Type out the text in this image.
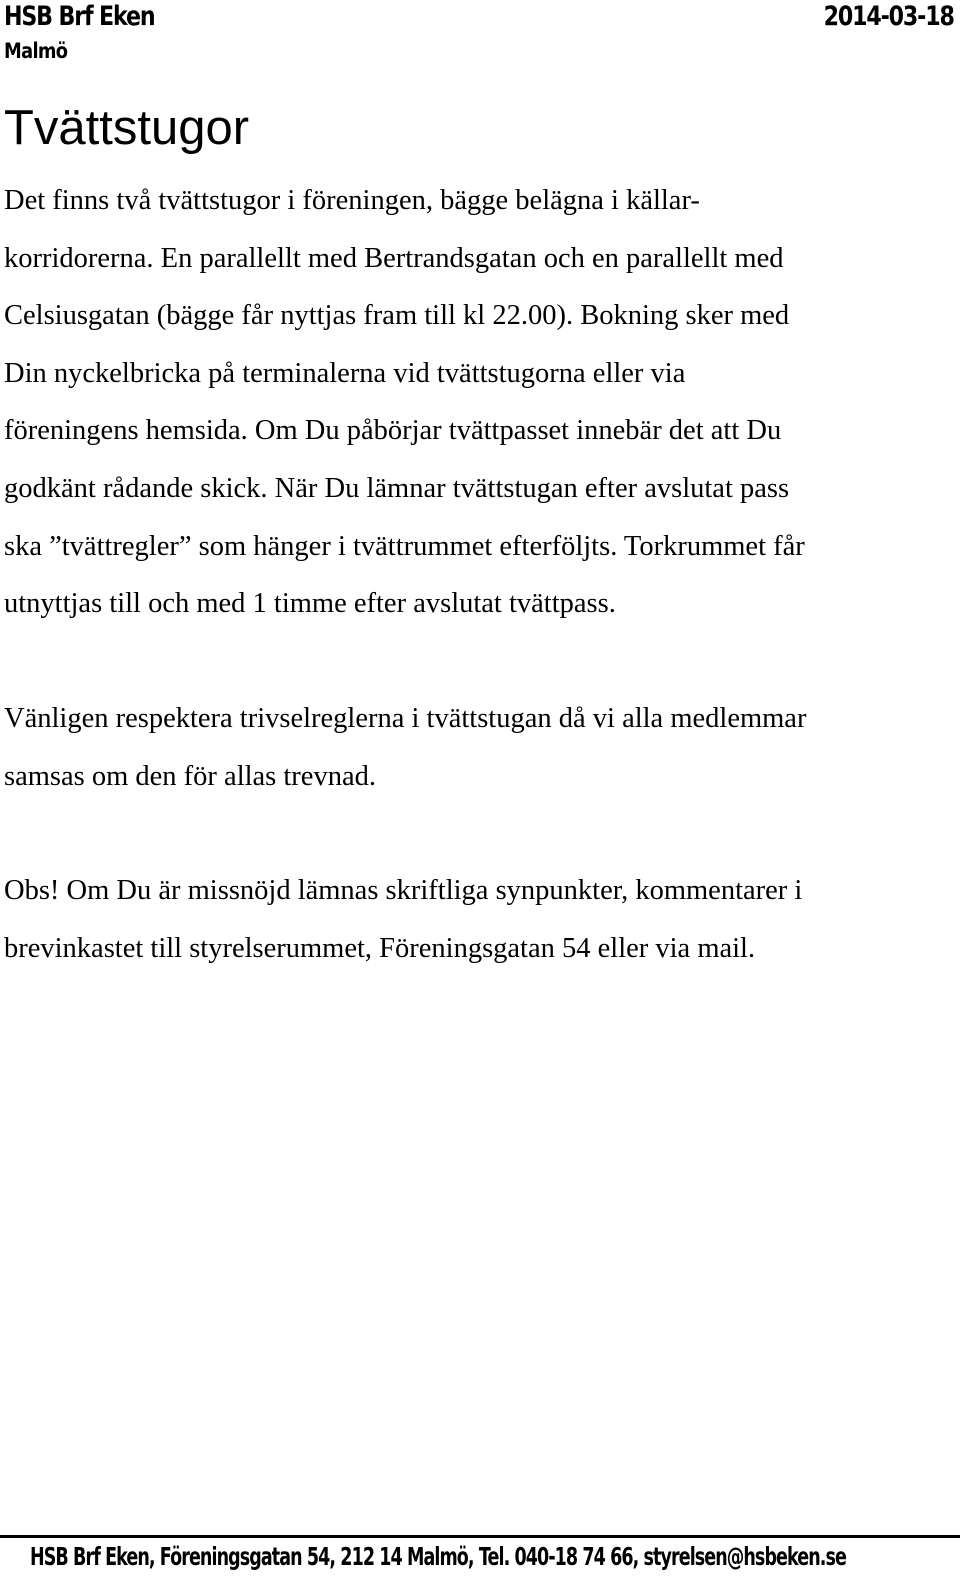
HSB Brf Eken	2014-03-18
Malmö
Tvättstugor
Det finns två tvättstugor i föreningen, bägge belägna i källar-
korridorerna. En parallellt med Bertrandsgatan och en parallellt med
Celsiusgatan (bägge får nyttjas fram till kl 22.00). Bokning sker med
Din nyckelbricka på terminalerna vid tvättstugorna eller via
föreningens hemsida. Om Du påbörjar tvättpasset innebär det att Du
godkänt rådande skick. När Du lämnar tvättstugan efter avslutat pass
ska ”tvättregler” som hänger i tvättrummet efterföljts. Torkrummet får
utnyttjas till och med 1 timme efter avslutat tvättpass.
Vänligen respektera trivselreglerna i tvättstugan då vi alla medlemmar
samsas om den för allas trevnad.
Obs! Om Du är missnöjd lämnas skriftliga synpunkter, kommentarer i
brevinkastet till styrelserummet, Föreningsgatan 54 eller via mail.
HSB Brf Eken, Föreningsgatan 54, 212 14 Malmö, Tel. 040-18 74 66, styrelsen@hsbeken.se
